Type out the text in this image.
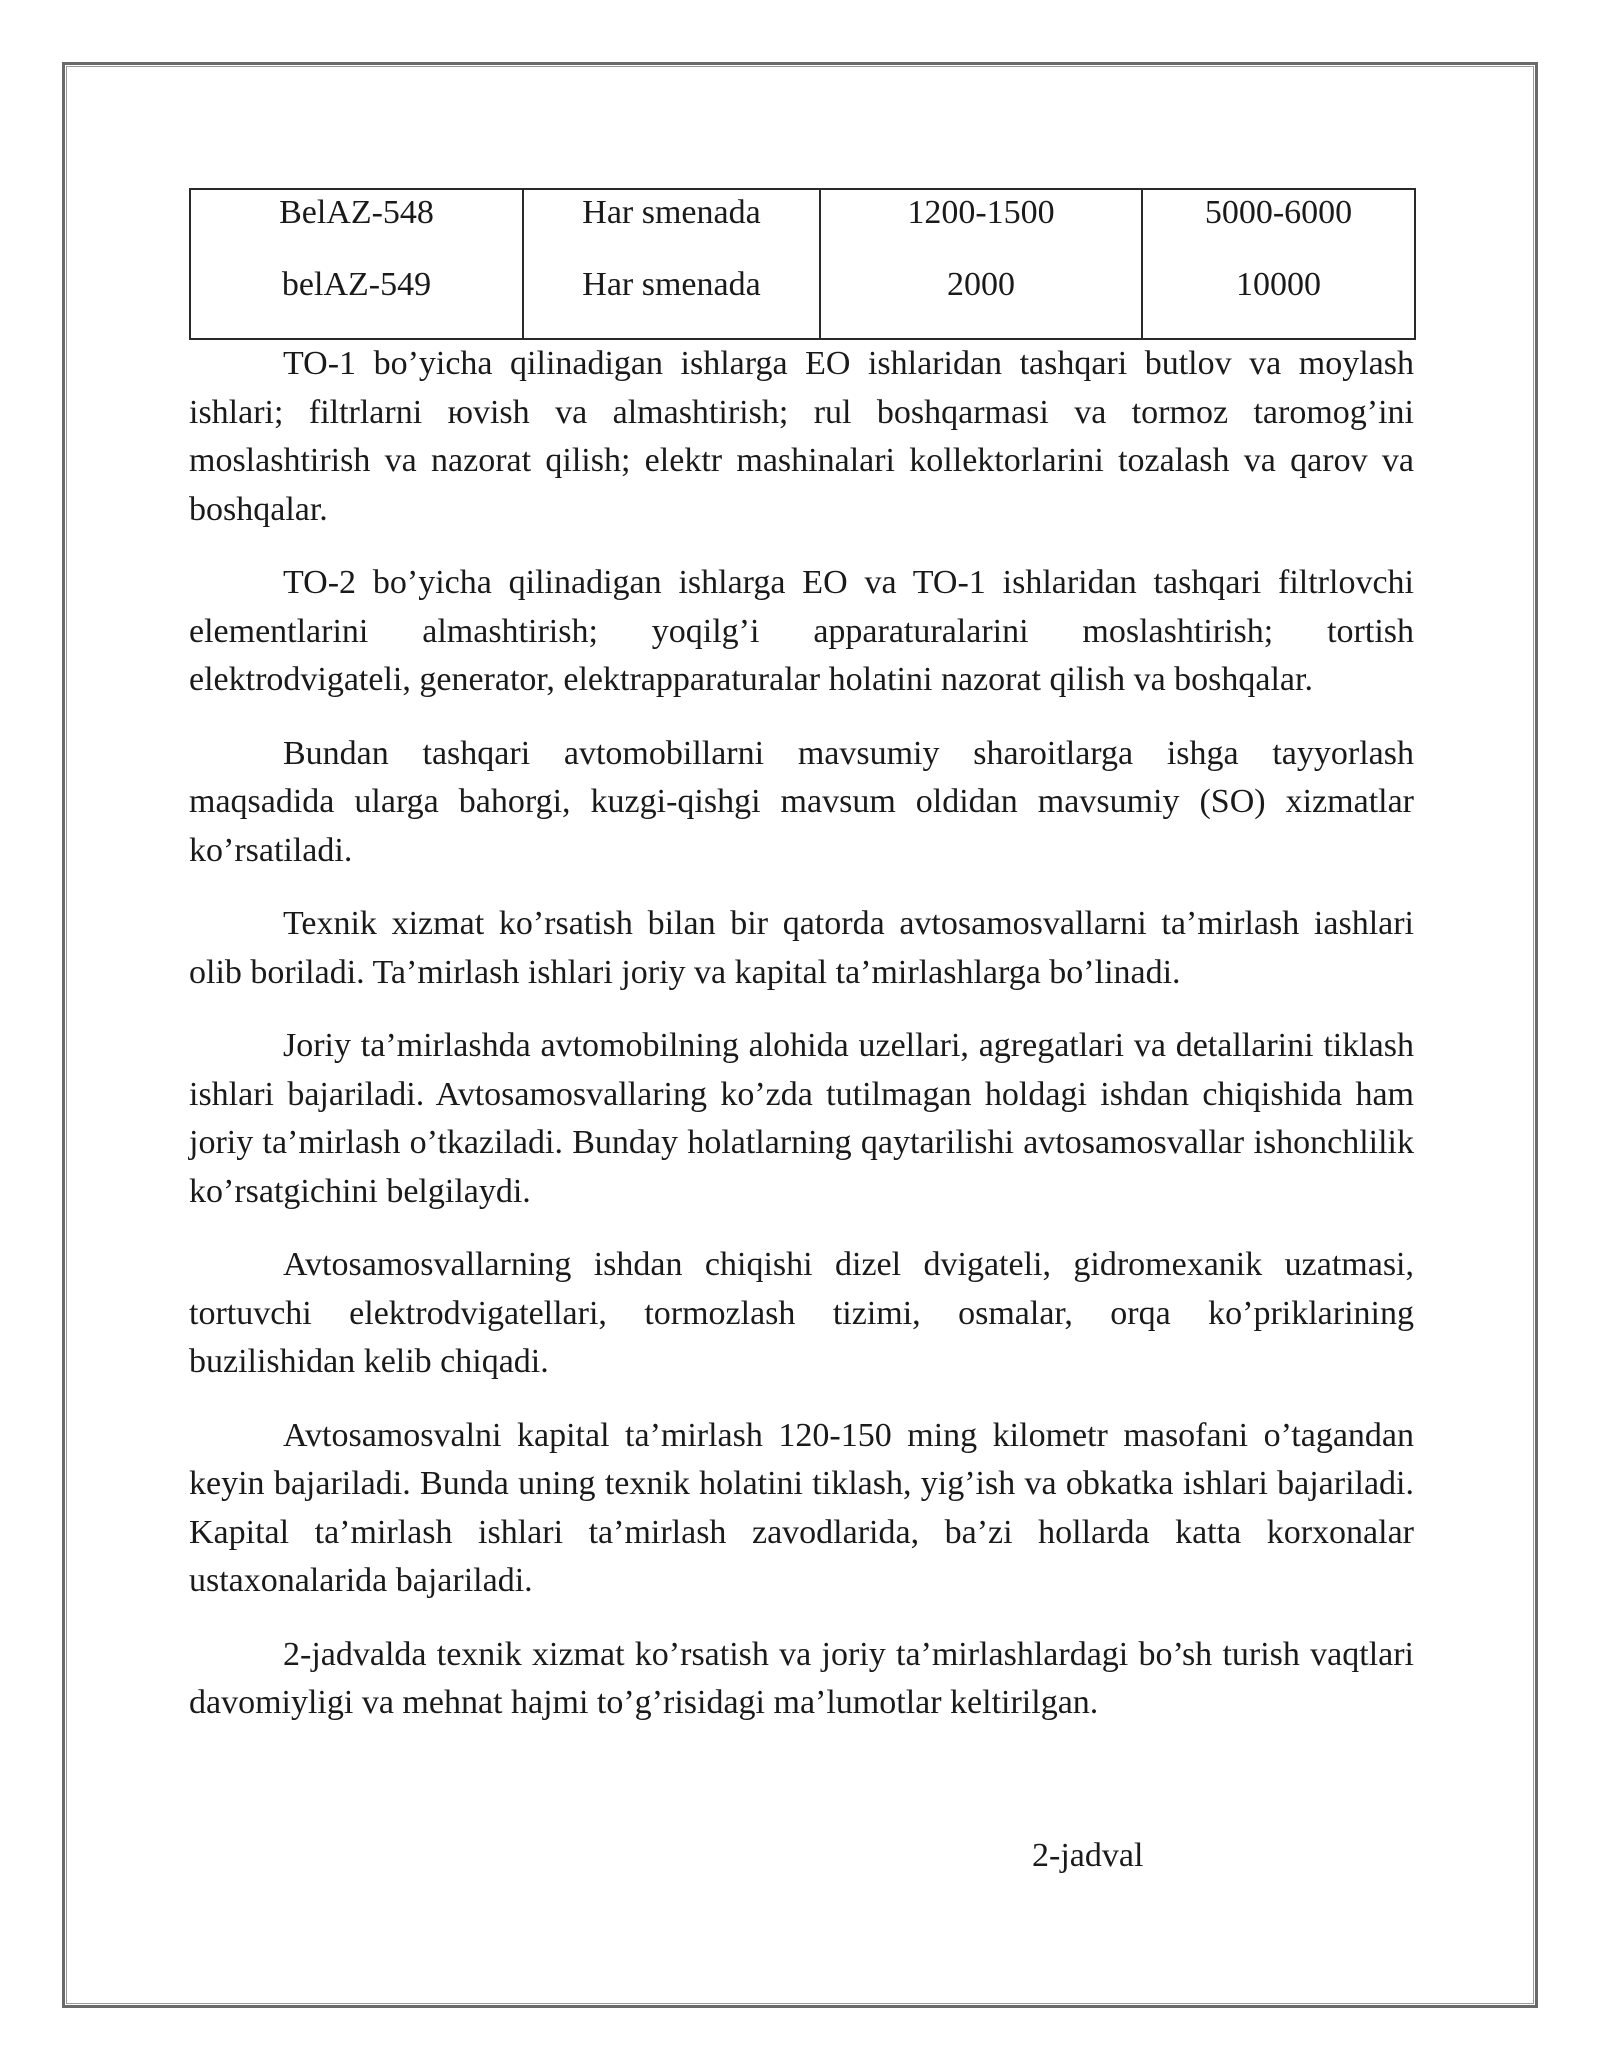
BelAZ-548	Har smenada	1200-1500	5000-6000
belAZ-549	Har smenada	2000	10000

TO-1 bo’yicha qilinadigan ishlarga EO ishlaridan tashqari butlov va moylash ishlari; filtrlarni юvish va almashtirish; rul boshqarmasi va tormoz taromog’ini moslashtirish va nazorat qilish; elektr mashinalari kollektorlarini tozalash va qarov va boshqalar.

TO-2 bo’yicha qilinadigan ishlarga EO va TO-1 ishlaridan tashqari filtrlovchi elementlarini almashtirish; yoqilg’i apparaturalarini moslashtirish; tortish elektrodvigateli, generator, elektrapparaturalar holatini nazorat qilish va boshqalar.

Bundan tashqari avtomobillarni mavsumiy sharoitlarga ishga tayyorlash maqsadida ularga bahorgi, kuzgi-qishgi mavsum oldidan mavsumiy (SO) xizmatlar ko’rsatiladi.

Texnik xizmat ko’rsatish bilan bir qatorda avtosamosvallarni ta’mirlash iashlari olib boriladi. Ta’mirlash ishlari joriy va kapital ta’mirlashlarga bo’linadi.

Joriy ta’mirlashda avtomobilning alohida uzellari, agregatlari va detallarini tiklash ishlari bajariladi. Avtosamosvallaring ko’zda tutilmagan holdagi ishdan chiqishida ham joriy ta’mirlash o’tkaziladi. Bunday holatlarning qaytarilishi avtosamosvallar ishonchlilik ko’rsatgichini belgilaydi.

Avtosamosvallarning ishdan chiqishi dizel dvigateli, gidromexanik uzatmasi, tortuvchi elektrodvigatellari, tormozlash tizimi, osmalar, orqa ko’priklarining buzilishidan kelib chiqadi.

Avtosamosvalni kapital ta’mirlash 120-150 ming kilometr masofani o’tagandan keyin bajariladi. Bunda uning texnik holatini tiklash, yig’ish va obkatka ishlari bajariladi. Kapital ta’mirlash ishlari ta’mirlash zavodlarida, ba’zi hollarda katta korxonalar ustaxonalarida bajariladi.

2-jadvalda texnik xizmat ko’rsatish va joriy ta’mirlashlardagi bo’sh turish vaqtlari davomiyligi va mehnat hajmi to’g’risidagi ma’lumotlar keltirilgan.

2-jadval
